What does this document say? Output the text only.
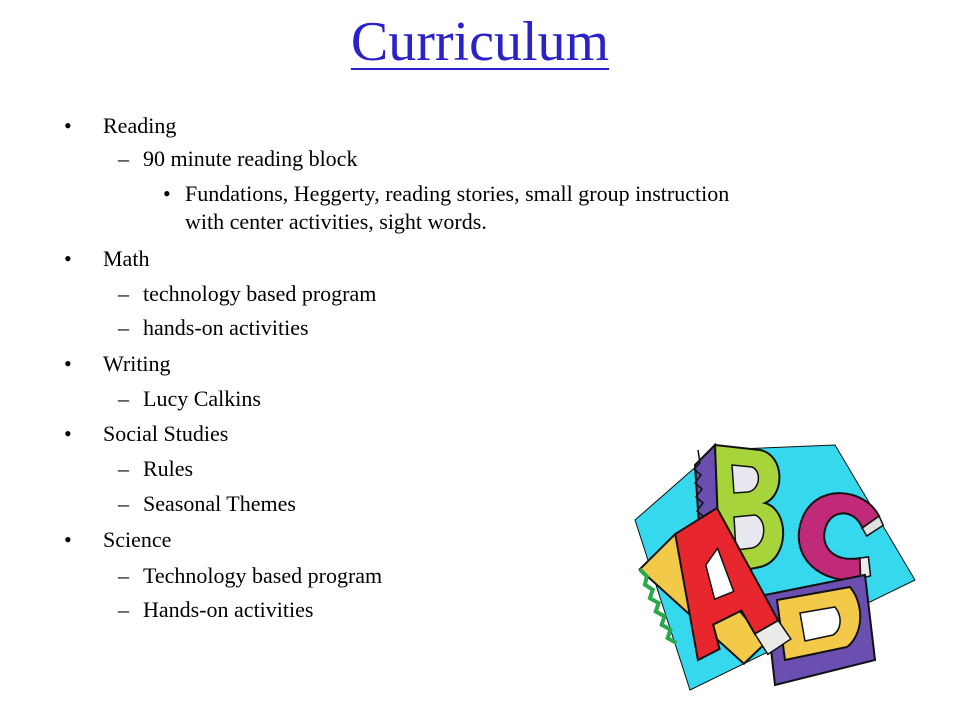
Curriculum
• Reading
– 90 minute reading block
• Fundations, Heggerty, reading stories, small group instruction
with center activities, sight words.
• Math
– technology based program
– hands-on activities
• Writing
– Lucy Calkins
• Social Studies
– Rules
– Seasonal Themes
• Science
– Technology based program
– Hands-on activities
